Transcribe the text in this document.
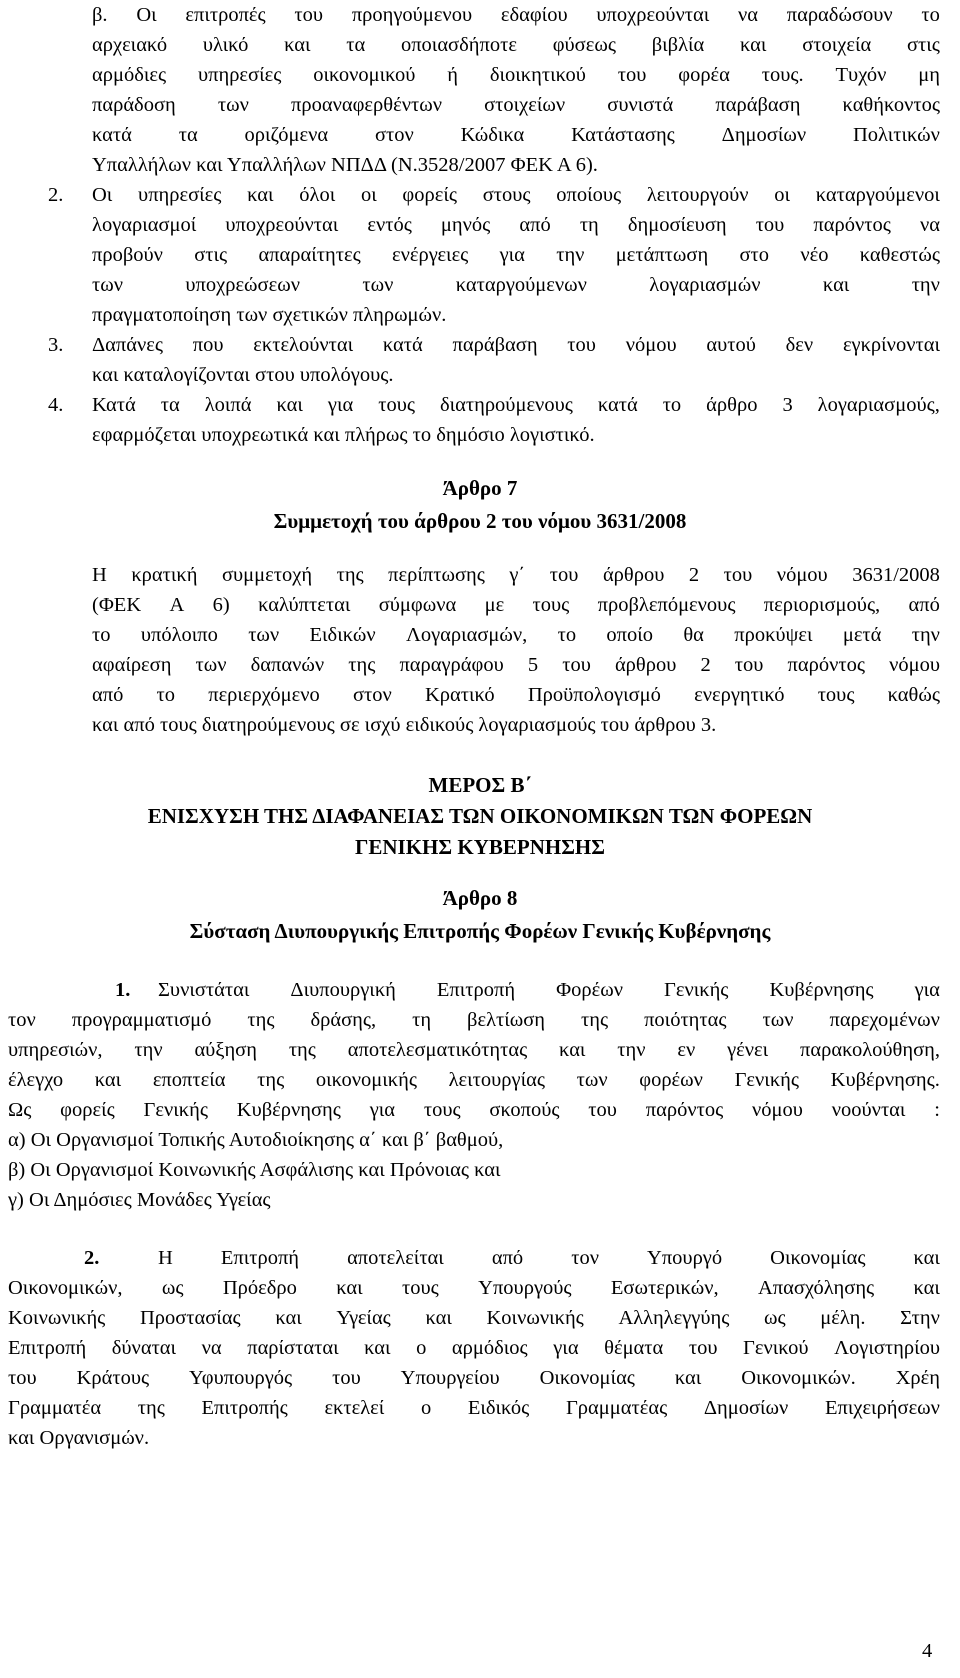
Άρθρο 7
Συμμετοχή του άρθρου 2 του νόμου 3631/2008
ΜΕΡΟΣ Β΄
ΕΝΙΣΧΥΣΗ ΤΗΣ ΔΙΑΦΑΝΕΙΑΣ ΤΩΝ ΟΙΚΟΝΟΜΙΚΩΝ ΤΩΝ ΦΟΡΕΩΝ
ΓΕΝΙΚΗΣ ΚΥΒΕΡΝΗΣΗΣ
Άρθρο 8
Σύσταση Διυπουργικής Επιτροπής Φορέων Γενικής Κυβέρνησης
1.
2.
4
β. Οι επιτροπές του προηγούμενου εδαφίου υποχρεούνται να παραδώσουν το
αρχειακό υλικό και τα οποιασδήποτε φύσεως βιβλία και στοιχεία στις
αρμόδιες υπηρεσίες οικονομικού ή διοικητικού του φορέα τους. Τυχόν μη
παράδοση των προαναφερθέντων στοιχείων συνιστά παράβαση καθήκοντος
κατά τα οριζόμενα στον Κώδικα Κατάστασης Δημοσίων Πολιτικών
Υπαλλήλων και Υπαλλήλων ΝΠΔΔ (Ν.3528/2007 ΦΕΚ Α 6).
2. Οι υπηρεσίες και όλοι οι φορείς στους οποίους λειτουργούν οι καταργούμενοι
λογαριασμοί υποχρεούνται εντός μηνός από τη δημοσίευση του παρόντος να
προβούν στις απαραίτητες ενέργειες για την μετάπτωση στο νέο καθεστώς
των	υποχρεώσεων	των	καταργούμενων	λογαριασμών	και	την
πραγματοποίηση των σχετικών πληρωμών.
3. Δαπάνες που εκτελούνται κατά παράβαση του νόμου αυτού δεν εγκρίνονται
και καταλογίζονται στου υπολόγους.
4. Κατά τα λοιπά και για τους διατηρούμενους κατά το άρθρο 3 λογαριασμούς,
εφαρμόζεται υποχρεωτικά και πλήρως το δημόσιο λογιστικό.
Η κρατική συμμετοχή της περίπτωσης γ΄ του άρθρου 2 του νόμου 3631/2008
(ΦΕΚ Α 6) καλύπτεται σύμφωνα με τους προβλεπόμενους περιορισμούς, από
το υπόλοιπο των Ειδικών Λογαριασμών, το οποίο θα προκύψει μετά την
αφαίρεση των δαπανών της παραγράφου 5 του άρθρου 2 του παρόντος νόμου
από το περιερχόμενο στον Κρατικό Προϋπολογισμό ενεργητικό τους καθώς
και από τους διατηρούμενους σε ισχύ ειδικούς λογαριασμούς του άρθρου 3.
Συνιστάται Διυπουργική Επιτροπή Φορέων Γενικής Κυβέρνησης για
τον προγραμματισμό της δράσης, τη βελτίωση της ποιότητας των παρεχομένων
υπηρεσιών, την αύξηση της αποτελεσματικότητας και την εν γένει παρακολούθηση,
έλεγχο και εποπτεία της οικονομικής λειτουργίας των φορέων Γενικής Κυβέρνησης.
Ως φορείς Γενικής Κυβέρνησης για τους σκοπούς του παρόντος νόμου νοούνται :
α) Οι Οργανισμοί Τοπικής Αυτοδιοίκησης α΄ και β΄ βαθμού,
β) Οι Οργανισμοί Κοινωνικής Ασφάλισης και Πρόνοιας και
γ) Οι Δημόσιες Μονάδες Υγείας
Η Επιτροπή αποτελείται από τον Υπουργό Οικονομίας και
Οικονομικών, ως Πρόεδρο και τους Υπουργούς Εσωτερικών, Απασχόλησης και
Κοινωνικής Προστασίας και Υγείας και Κοινωνικής Αλληλεγγύης ως μέλη. Στην
Επιτροπή δύναται να παρίσταται και ο αρμόδιος για θέματα του Γενικού Λογιστηρίου
του Κράτους Υφυπουργός του Υπουργείου Οικονομίας και Οικονομικών. Χρέη
Γραμματέα της Επιτροπής εκτελεί ο Ειδικός Γραμματέας Δημοσίων Επιχειρήσεων
και Οργανισμών.
